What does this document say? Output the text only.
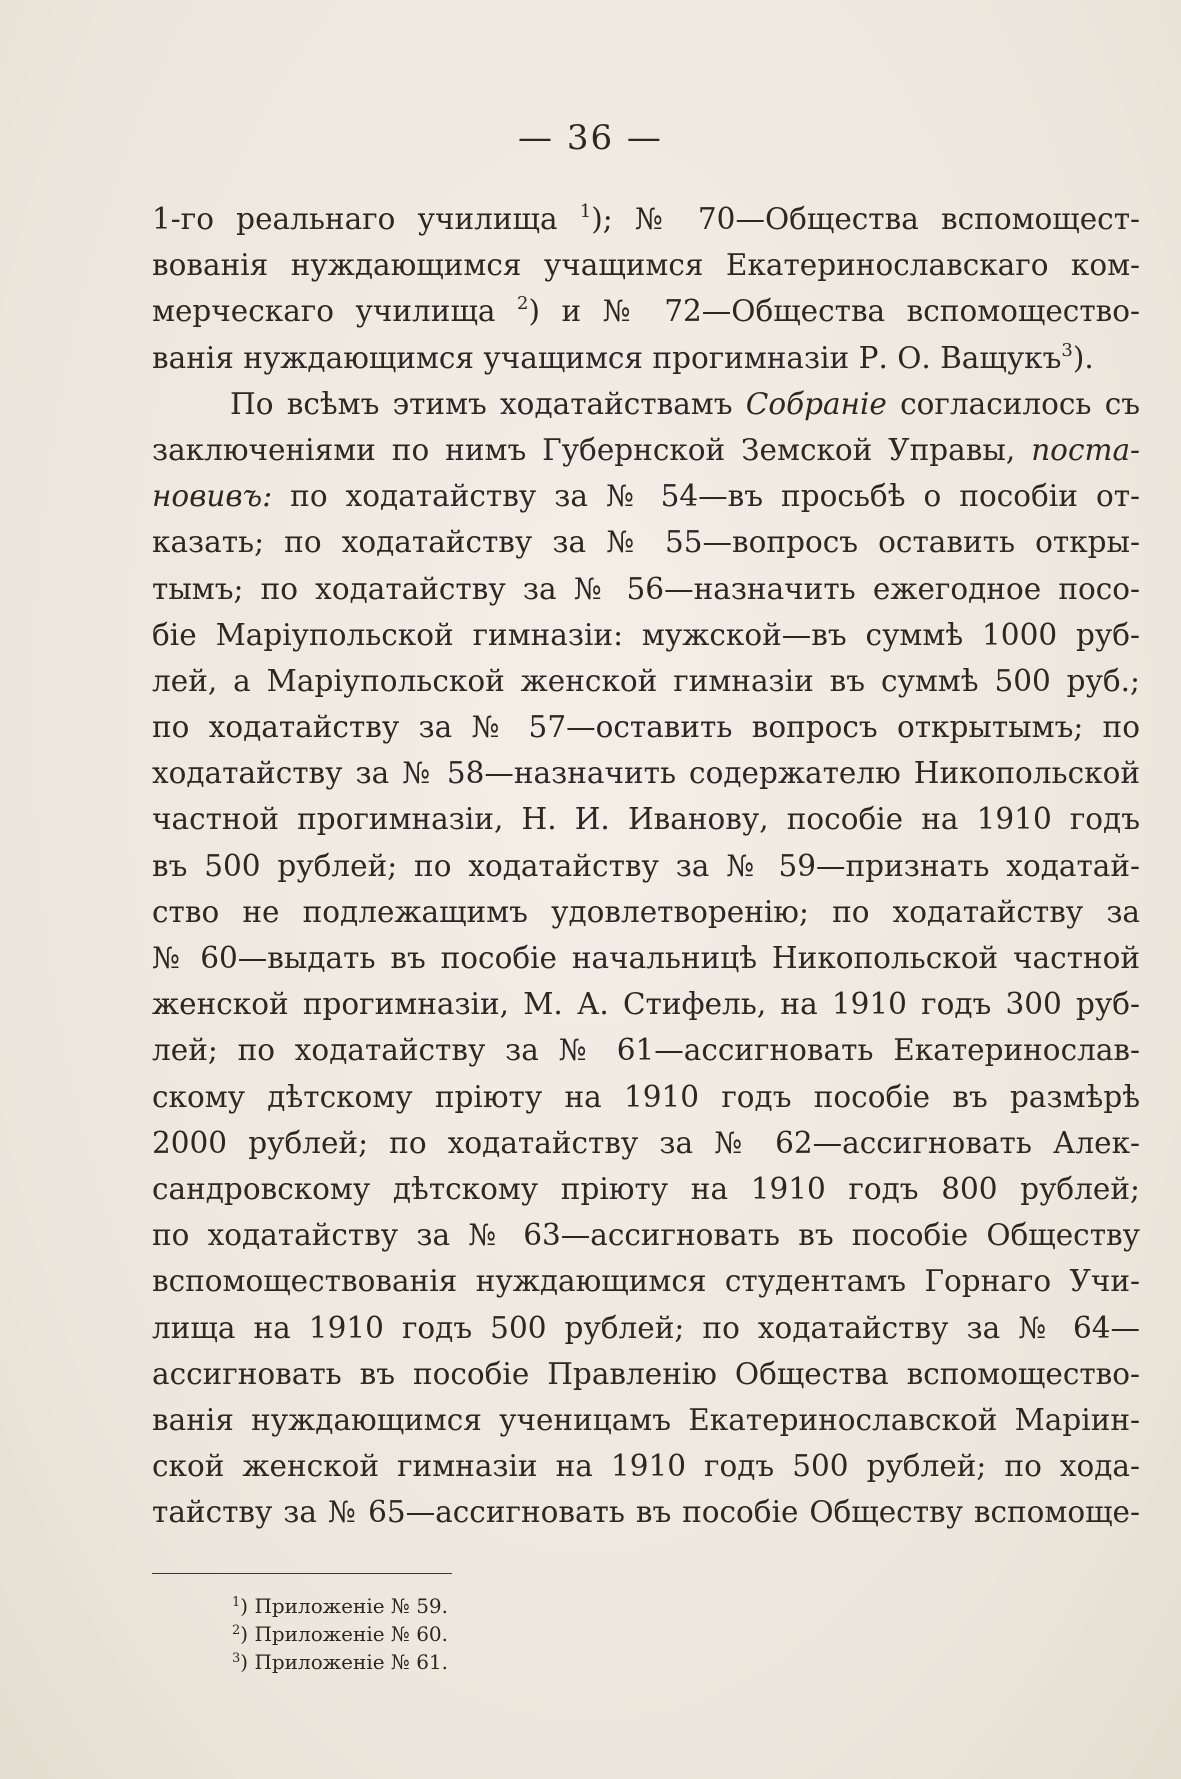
— 36 —
1-го реальнаго училища $^1$); № 70—Общества вспомощест-
вованія нуждающимся учащимся Екатеринославскаго ком-
мерческаго училища $^2$) и № 72—Общества вспомощество-
ванія нуждающимся учащимся прогимназіи Р. О. Ващукъ$^3$).
По всѣмъ этимъ ходатайствамъ Собраніе согласилось съ
заключеніями по нимъ Губернской Земской Управы, поста-
новивъ: по ходатайству за № 54—въ просьбѣ о пособіи от-
казать; по ходатайству за № 55—вопросъ оставить откры-
тымъ; по ходатайству за № 56—назначить ежегодное посо-
біе Маріупольской гимназіи: мужской—въ суммѣ 1000 руб-
лей, а Маріупольской женской гимназіи въ суммѣ 500 руб.;
по ходатайству за № 57—оставить вопросъ открытымъ; по
ходатайству за № 58—назначить содержателю Никопольской
частной прогимназіи, Н. И. Иванову, пособіе на 1910 годъ
въ 500 рублей; по ходатайству за № 59—признать ходатай-
ство не подлежащимъ удовлетворенію; по ходатайству за
№ 60—выдать въ пособіе начальницѣ Никопольской частной
женской прогимназіи, М. А. Стифель, на 1910 годъ 300 руб-
лей; по ходатайству за № 61—ассигновать Екатеринослав-
скому дѣтскому пріюту на 1910 годъ пособіе въ размѣрѣ
2000 рублей; по ходатайству за № 62—ассигновать Алек-
сандровскому дѣтскому пріюту на 1910 годъ 800 рублей;
по ходатайству за № 63—ассигновать въ пособіе Обществу
вспомоществованія нуждающимся студентамъ Горнаго Учи-
лища на 1910 годъ 500 рублей; по ходатайству за № 64—
ассигновать въ пособіе Правленію Общества вспомощество-
ванія нуждающимся ученицамъ Екатеринославской Маріин-
ской женской гимназіи на 1910 годъ 500 рублей; по хода-
тайству за № 65—ассигновать въ пособіе Обществу вспомоще-
$^1$) Приложеніе № 59.
$^2$) Приложеніе № 60.
$^3$) Приложеніе № 61.
